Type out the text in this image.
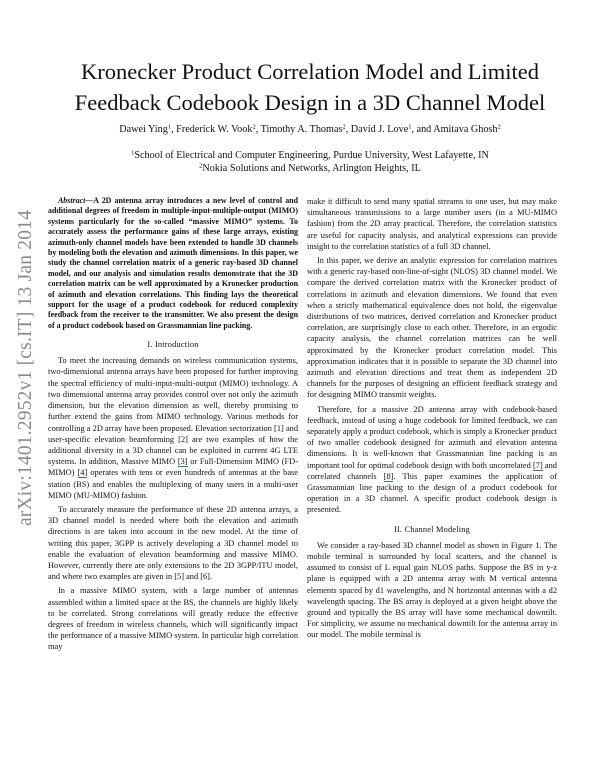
arXiv:1401.2952v1 [cs.IT] 13 Jan 2014
Kronecker Product Correlation Model and Limited
Feedback Codebook Design in a 3D Channel Model
Dawei Ying$^1$, Frederick W. Vook$^2$, Timothy A. Thomas$^2$, David J. Love$^1$, and Amitava Ghosh$^2$
$^1$School of Electrical and Computer Engineering, Purdue University, West Lafayette, IN
$^2$Nokia Solutions and Networks, Arlington Heights, IL

Abstract—A 2D antenna array introduces a new level of control and additional degrees of freedom in multiple-input-multiple-output (MIMO) systems particularly for the so-called “massive MIMO” systems. To accurately assess the performance gains of these large arrays, existing azimuth-only channel models have been extended to handle 3D channels by modeling both the elevation and azimuth dimensions. In this paper, we study the channel correlation matrix of a generic ray-based 3D channel model, and our analysis and simulation results demonstrate that the 3D correlation matrix can be well approximated by a Kronecker production of azimuth and elevation correlations. This finding lays the theoretical support for the usage of a product codebook for reduced complexity feedback from the receiver to the transmitter. We also present the design of a product codebook based on Grassmannian line packing.

I. Introduction

To meet the increasing demands on wireless communication systems, two-dimensional antenna arrays have been proposed for further improving the spectral efficiency of multi-input-multi-output (MIMO) technology. A two dimensional antenna array provides control over not only the azimuth dimension, but the elevation dimension as well, thereby promising to further extend the gains from MIMO technology. Various methods for controlling a 2D array have been proposed. Elevation sectorization [1] and user-specific elevation beamforming [2] are two examples of how the additional diversity in a 3D channel can be exploited in current 4G LTE systems. In addition, Massive MIMO [3] or Full-Dimension MIMO (FD-MIMO) [4] operates with tens or even hundreds of antennas at the base station (BS) and enables the multiplexing of many users in a multi-user MIMO (MU-MIMO) fashion.

To accurately measure the performance of these 2D antenna arrays, a 3D channel model is needed where both the elevation and azimuth directions is are taken into account in the new model. At the time of writing this paper, 3GPP is actively developing a 3D channel model to enable the evaluation of elevation beamforming and massive MIMO. However, currently there are only extensions to the 2D 3GPP/ITU model, and where two examples are given in [5] and [6].

In a massive MIMO system, with a large number of antennas assembled within a limited space at the BS, the channels are highly likely to be correlated. Strong correlations will greatly reduce the effective degrees of freedom in wireless channels, which will significantly impact the performance of a massive MIMO system. In particular high correlation may

make it difficult to send many spatial streams to one user, but may make simultaneous transmissions to a large number users (in a MU-MIMO fashion) from the 2D array practical. Therefore, the correlation statistics are useful for capacity analysis, and analytical expressions can provide insight to the correlation statistics of a full 3D channel.

In this paper, we derive an analytic expression for correlation matrices with a generic ray-based non-line-of-sight (NLOS) 3D channel model. We compare the derived correlation matrix with the Kronecker product of correlations in azimuth and elevation dimensions. We found that even when a strictly mathematical equivalence does not hold, the eigenvalue distributions of two matrices, derived correlation and Kronecker product correlation, are surprisingly close to each other. Therefore, in an ergodic capacity analysis, the channel correlation matrices can be well approximated by the Kronecker product correlation model. This approximation indicates that it is possible to separate the 3D channel into azimuth and elevation directions and treat them as independent 2D channels for the purposes of designing an efficient feedback strategy and for designing MIMO transmit weights.

Therefore, for a massive 2D antenna array with codebook-based feedback, instead of using a huge codebook for limited feedback, we can separately apply a product codebook, which is simply a Kronecker product of two smaller codebook designed for azimuth and elevation antenna dimensions. It is well-known that Grassmannian line packing is an important tool for optimal codebook design with both uncorrelated [7] and correlated channels [8]. This paper examines the application of Grassmannian line packing to the design of a product codebook for operation in a 3D channel. A specific product codebook design is presented.

II. Channel Modeling

We consider a ray-based 3D channel model as shown in Figure 1. The mobile terminal is surrounded by local scatters, and the channel is assumed to consist of L equal gain NLOS paths. Suppose the BS in y-z plane is equipped with a 2D antenna array with M vertical antenna elements spaced by d1 wavelengths, and N horizontal antennas with a d2 wavelength spacing. The BS array is deployed at a given height above the ground and typically the BS array will have some mechanical downtilt. For simplicity, we assume no mechanical downtilt for the antenna array in our model. The mobile terminal is
